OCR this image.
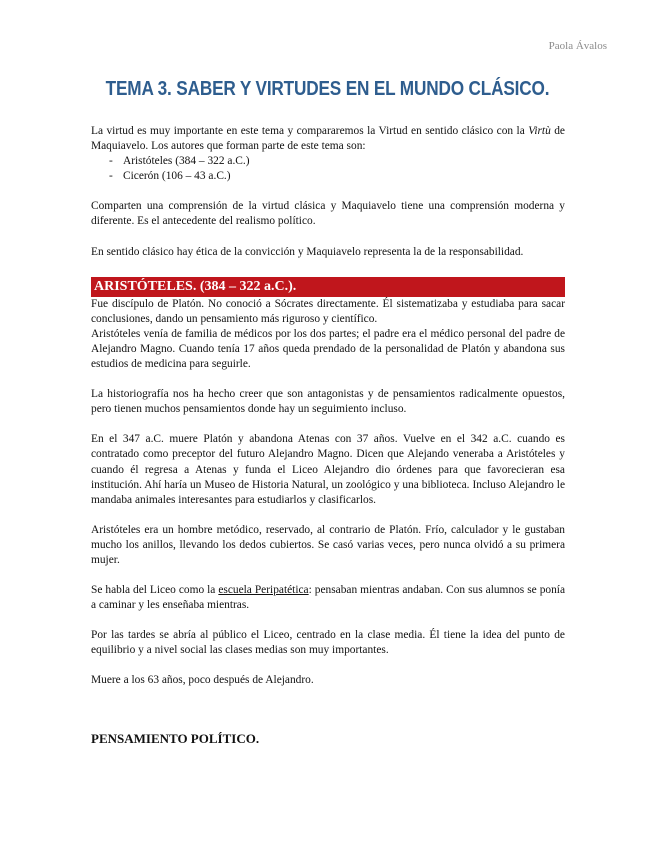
Paola Ávalos
TEMA 3. SABER Y VIRTUDES EN EL MUNDO CLÁSICO.

La virtud es muy importante en este tema y compararemos la Virtud en sentido clásico con la Virtù de Maquiavelo. Los autores que forman parte de este tema son:

- Aristóteles (384 – 322 a.C.)
- Cicerón (106 – 43 a.C.)

Comparten una comprensión de la virtud clásica y Maquiavelo tiene una comprensión moderna y diferente. Es el antecedente del realismo político.

En sentido clásico hay ética de la convicción y Maquiavelo representa la de la responsabilidad.

ARISTÓTELES. (384 – 322 a.C.).

Fue discípulo de Platón. No conoció a Sócrates directamente. Él sistematizaba y estudiaba para sacar conclusiones, dando un pensamiento más riguroso y científico.

Aristóteles venía de familia de médicos por los dos partes; el padre era el médico personal del padre de Alejandro Magno. Cuando tenía 17 años queda prendado de la personalidad de Platón y abandona sus estudios de medicina para seguirle.

La historiografía nos ha hecho creer que son antagonistas y de pensamientos radicalmente opuestos, pero tienen muchos pensamientos donde hay un seguimiento incluso.

En el 347 a.C. muere Platón y abandona Atenas con 37 años. Vuelve en el 342 a.C. cuando es contratado como preceptor del futuro Alejandro Magno. Dicen que Alejando veneraba a Aristóteles y cuando él regresa a Atenas y funda el Liceo Alejandro dio órdenes para que favorecieran esa institución. Ahí haría un Museo de Historia Natural, un zoológico y una biblioteca. Incluso Alejandro le mandaba animales interesantes para estudiarlos y clasificarlos.

Aristóteles era un hombre metódico, reservado, al contrario de Platón. Frío, calculador y le gustaban mucho los anillos, llevando los dedos cubiertos. Se casó varias veces, pero nunca olvidó a su primera mujer.

Se habla del Liceo como la escuela Peripatética: pensaban mientras andaban. Con sus alumnos se ponía a caminar y les enseñaba mientras.

Por las tardes se abría al público el Liceo, centrado en la clase media. Él tiene la idea del punto de equilibrio y a nivel social las clases medias son muy importantes.

Muere a los 63 años, poco después de Alejandro.

PENSAMIENTO POLÍTICO.
